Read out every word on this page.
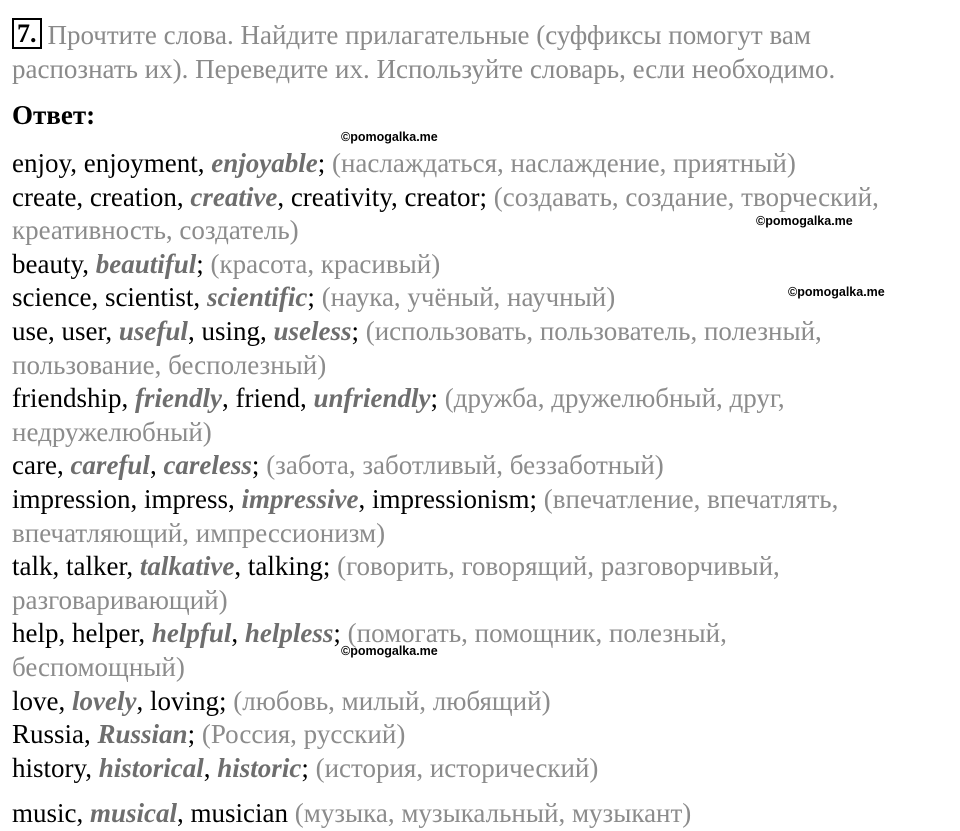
7. Прочтите слова. Найдите прилагательные (суффиксы помогут вам
распознать их). Переведите их. Используйте словарь, если необходимо.
Ответ:
enjoy, enjoyment, enjoyable; (наслаждаться, наслаждение, приятный)
create, creation, creative, creativity, creator; (создавать, создание, творческий,
креативность, создатель)
beauty, beautiful; (красота, красивый)
science, scientist, scientific; (наука, учёный, научный)
use, user, useful, using, useless; (использовать, пользователь, полезный,
пользование, бесполезный)
friendship, friendly, friend, unfriendly; (дружба, дружелюбный, друг,
недружелюбный)
care, careful, careless; (забота, заботливый, беззаботный)
impression, impress, impressive, impressionism; (впечатление, впечатлять,
впечатляющий, импрессионизм)
talk, talker, talkative, talking; (говорить, говорящий, разговорчивый,
разговаривающий)
help, helper, helpful, helpless; (помогать, помощник, полезный,
беспомощный)
love, lovely, loving; (любовь, милый, любящий)
Russia, Russian; (Россия, русский)
history, historical, historic; (история, исторический)
music, musical, musician (музыка, музыкальный, музыкант)
©pomogalka.me
©pomogalka.me
©pomogalka.me
©pomogalka.me
